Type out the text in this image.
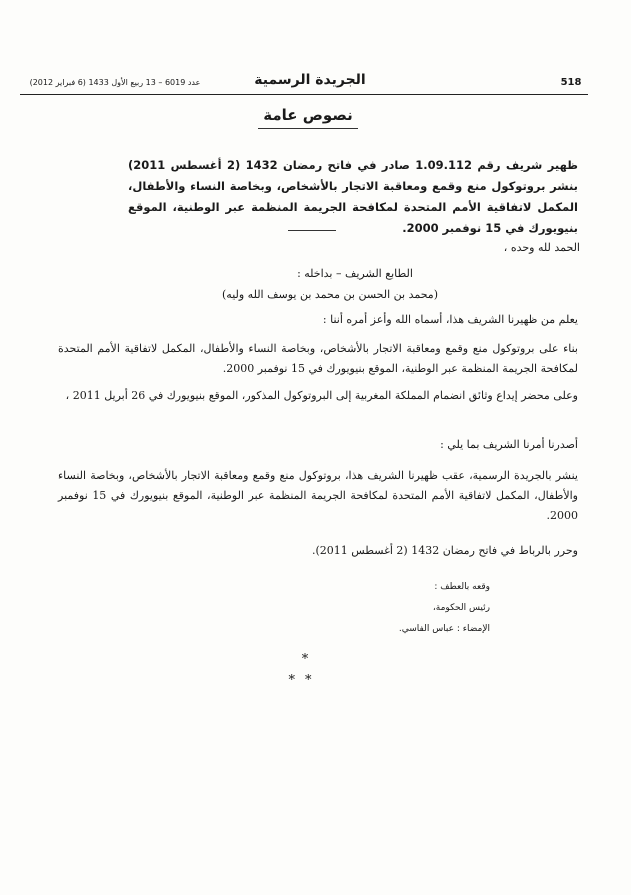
518
الجريدة الرسمية
عدد 6019 – 13 ربيع الأول 1433 (6 فبراير 2012)
نصوص عامة
ظهير شريف رقم 1.09.112 صادر في فاتح رمضان 1432 (2 أغسطس 2011) بنشر بروتوكول منع وقمع ومعاقبة الاتجار بالأشخاص، وبخاصة النساء والأطفال، المكمل لاتفاقية الأمم المتحدة لمكافحة الجريمة المنظمة عبر الوطنية، الموقع بنيويورك في 15 نوفمبر 2000.
الحمد لله وحده ،
الطابع الشريف – بداخله :
(محمد بن الحسن بن محمد بن يوسف الله وليه)
يعلم من ظهيرنا الشريف هذا، أسماه الله وأعز أمره أننا :
بناء على بروتوكول منع وقمع ومعاقبة الاتجار بالأشخاص، وبخاصة النساء والأطفال، المكمل لاتفاقية الأمم المتحدة لمكافحة الجريمة المنظمة عبر الوطنية، الموقع بنيويورك في 15 نوفمبر 2000.
وعلى محضر إيداع وثائق انضمام المملكة المغربية إلى البروتوكول المذكور، الموقع بنيويورك في 26 أبريل 2011 ،
أصدرنا أمرنا الشريف بما يلي :
ينشر بالجريدة الرسمية، عقب ظهيرنا الشريف هذا، بروتوكول منع وقمع ومعاقبة الاتجار بالأشخاص، وبخاصة النساء والأطفال، المكمل لاتفاقية الأمم المتحدة لمكافحة الجريمة المنظمة عبر الوطنية، الموقع بنيويورك في 15 نوفمبر 2000.
وحرر بالرباط في فاتح رمضان 1432 (2 أغسطس 2011).
وقعه بالعطف :
رئيس الحكومة،
الإمضاء : عباس الفاسي.
*
**
